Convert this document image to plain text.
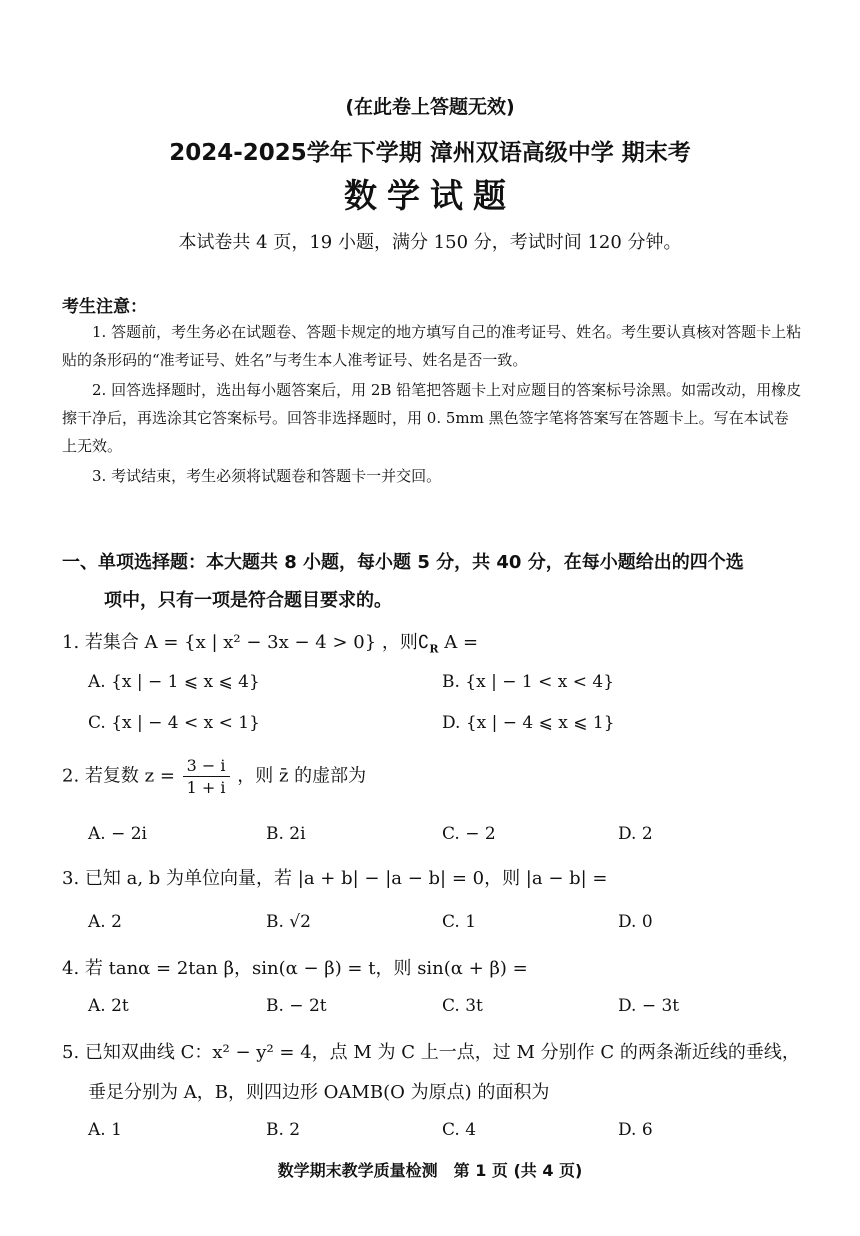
(在此卷上答题无效)
2024-2025学年下学期 漳州双语高级中学 期末考
数学试题
本试卷共 4 页，19 小题，满分 150 分，考试时间 120 分钟。
考生注意：
1. 答题前，考生务必在试题卷、答题卡规定的地方填写自己的准考证号、姓名。考生要认真核对答题卡上粘贴的条形码的“准考证号、姓名”与考生本人准考证号、姓名是否一致。
2. 回答选择题时，选出每小题答案后，用 2B 铅笔把答题卡上对应题目的答案标号涂黑。如需改动，用橡皮擦干净后，再选涂其它答案标号。回答非选择题时，用 0. 5mm 黑色签字笔将答案写在答题卡上。写在本试卷上无效。
3. 考试结束，考生必须将试题卷和答题卡一并交回。
一、单项选择题：本大题共 8 小题，每小题 5 分，共 40 分，在每小题给出的四个选
项中，只有一项是符合题目要求的。
1. 若集合 A = {x | x² − 3x − 4 > 0} ，则$∁_R$ A =
A. {x | − 1 ⩽ x ⩽ 4}	B. {x | − 1 < x < 4}
C. {x | − 4 < x < 1}	D. {x | − 4 ⩽ x ⩽ 1}
2. 若复数 $z = \frac{3 - i}{1 + i}$ ，则 z̄ 的虚部为
A. − 2i	B. 2i	C. − 2	D. 2
3. 已知 a, b 为单位向量，若 |a + b| − |a − b| = 0，则 |a − b| =
A. 2	B. √2	C. 1	D. 0
4. 若 tanα = 2tan β，sin(α − β) = t，则 sin(α + β) =
A. 2t	B. − 2t	C. 3t	D. − 3t
5. 已知双曲线 C：x² − y² = 4，点 M 为 C 上一点，过 M 分别作 C 的两条渐近线的垂线，
垂足分别为 A，B，则四边形 OAMB(O 为原点) 的面积为
A. 1	B. 2	C. 4	D. 6
数学期末教学质量检测　第 1 页 (共 4 页)
